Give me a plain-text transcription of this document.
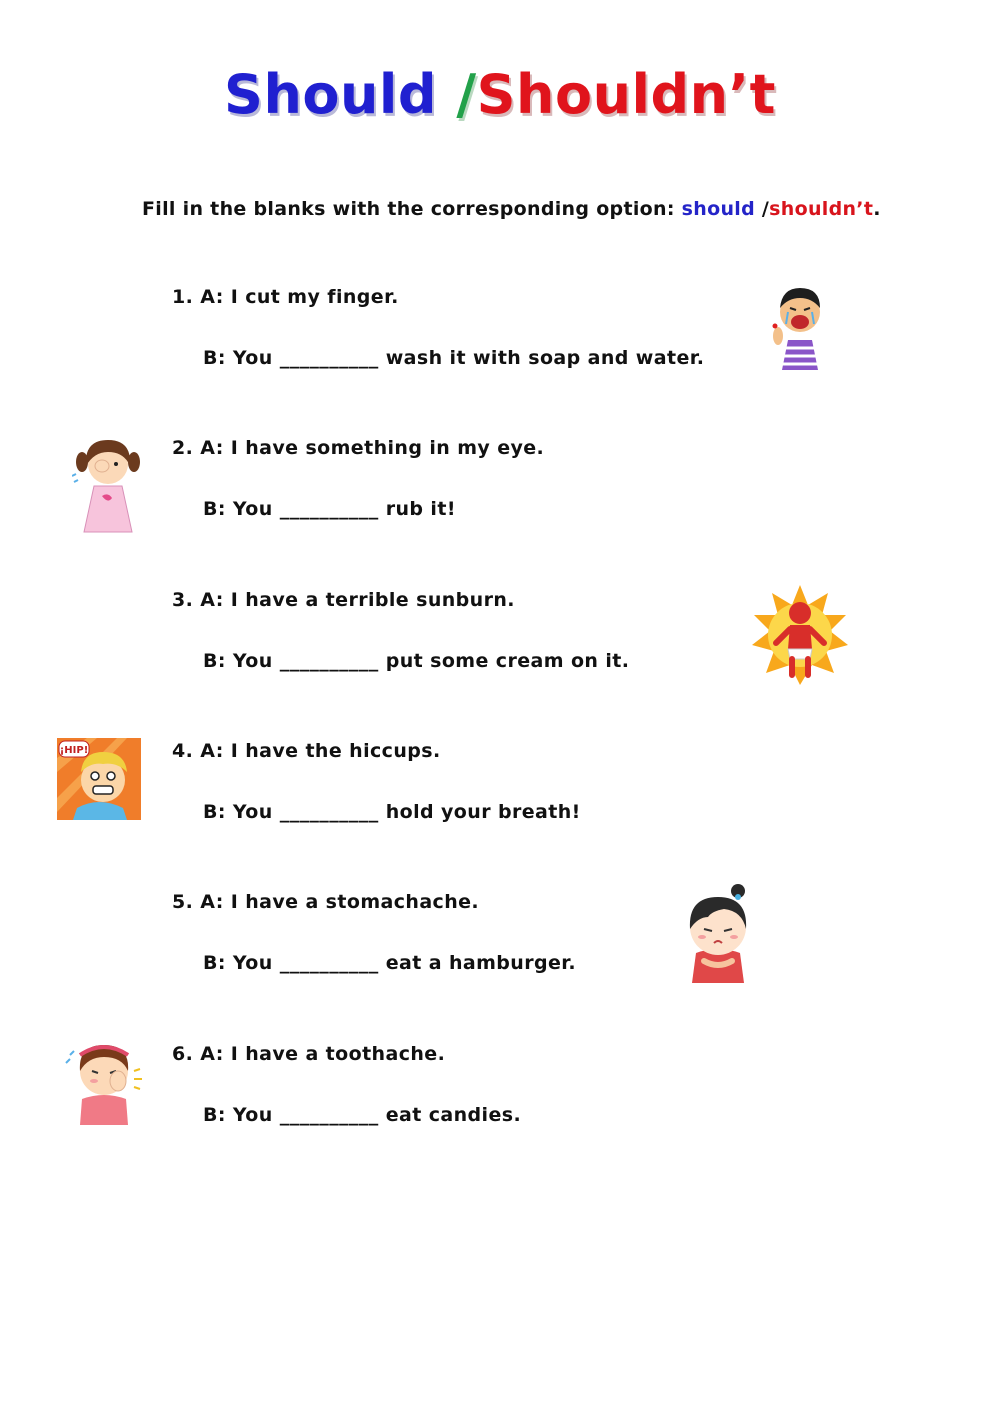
Should /Shouldn’t
Fill in the blanks with the corresponding option: should /shouldn’t.
1. A: I cut my finger.
B: You __________ wash it with soap and water.
2. A: I have something in my eye.
B: You __________ rub it!
3. A: I have a terrible sunburn.
B: You __________ put some cream on it.
4. A: I have the hiccups.
B: You __________ hold your breath!
¡HIP!
5. A: I have a stomachache.
B: You __________ eat a hamburger.
6. A: I have a toothache.
B: You __________ eat candies.
